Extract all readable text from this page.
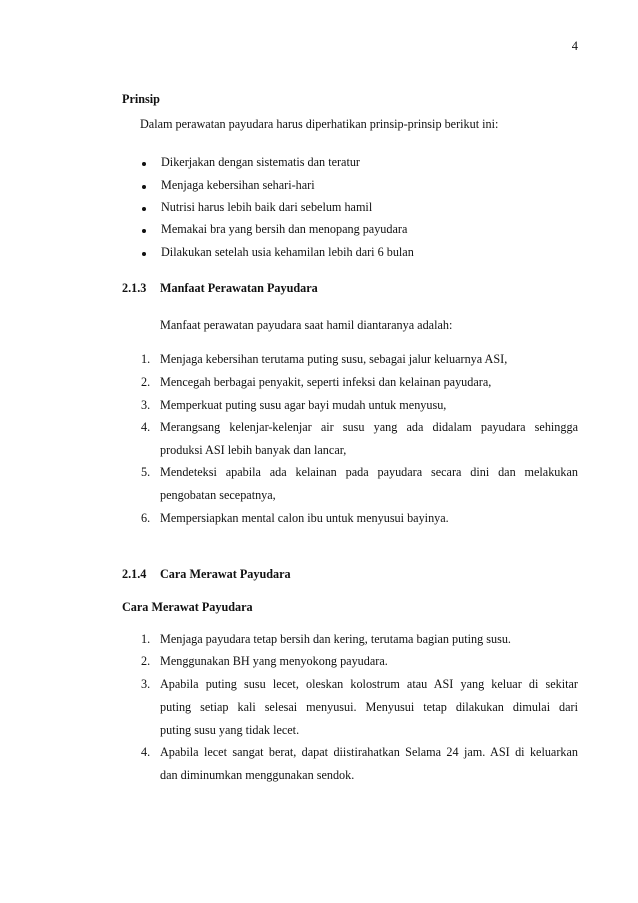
4
Prinsip
Dalam perawatan payudara harus diperhatikan prinsip-prinsip berikut ini:
Dikerjakan dengan sistematis dan teratur
Menjaga kebersihan sehari-hari
Nutrisi harus lebih baik dari sebelum hamil
Memakai bra yang bersih dan menopang payudara
Dilakukan setelah usia kehamilan lebih dari 6 bulan
2.1.3 Manfaat Perawatan Payudara
Manfaat perawatan payudara saat hamil diantaranya adalah:
1. Menjaga kebersihan terutama puting susu, sebagai jalur keluarnya ASI,
2. Mencegah berbagai penyakit, seperti infeksi dan kelainan payudara,
3. Memperkuat puting susu agar bayi mudah untuk menyusu,
4. Merangsang kelenjar-kelenjar air susu yang ada didalam payudara sehingga
produksi ASI lebih banyak dan lancar,
5. Mendeteksi apabila ada kelainan pada payudara secara dini dan melakukan
pengobatan secepatnya,
6. Mempersiapkan mental calon ibu untuk menyusui bayinya.
2.1.4 Cara Merawat Payudara
Cara Merawat Payudara
1. Menjaga payudara tetap bersih dan kering, terutama bagian puting susu.
2. Menggunakan BH yang menyokong payudara.
3. Apabila puting susu lecet, oleskan kolostrum atau ASI yang keluar di sekitar
puting setiap kali selesai menyusui. Menyusui tetap dilakukan dimulai dari
puting susu yang tidak lecet.
4. Apabila lecet sangat berat, dapat diistirahatkan Selama 24 jam. ASI di keluarkan
dan diminumkan menggunakan sendok.
